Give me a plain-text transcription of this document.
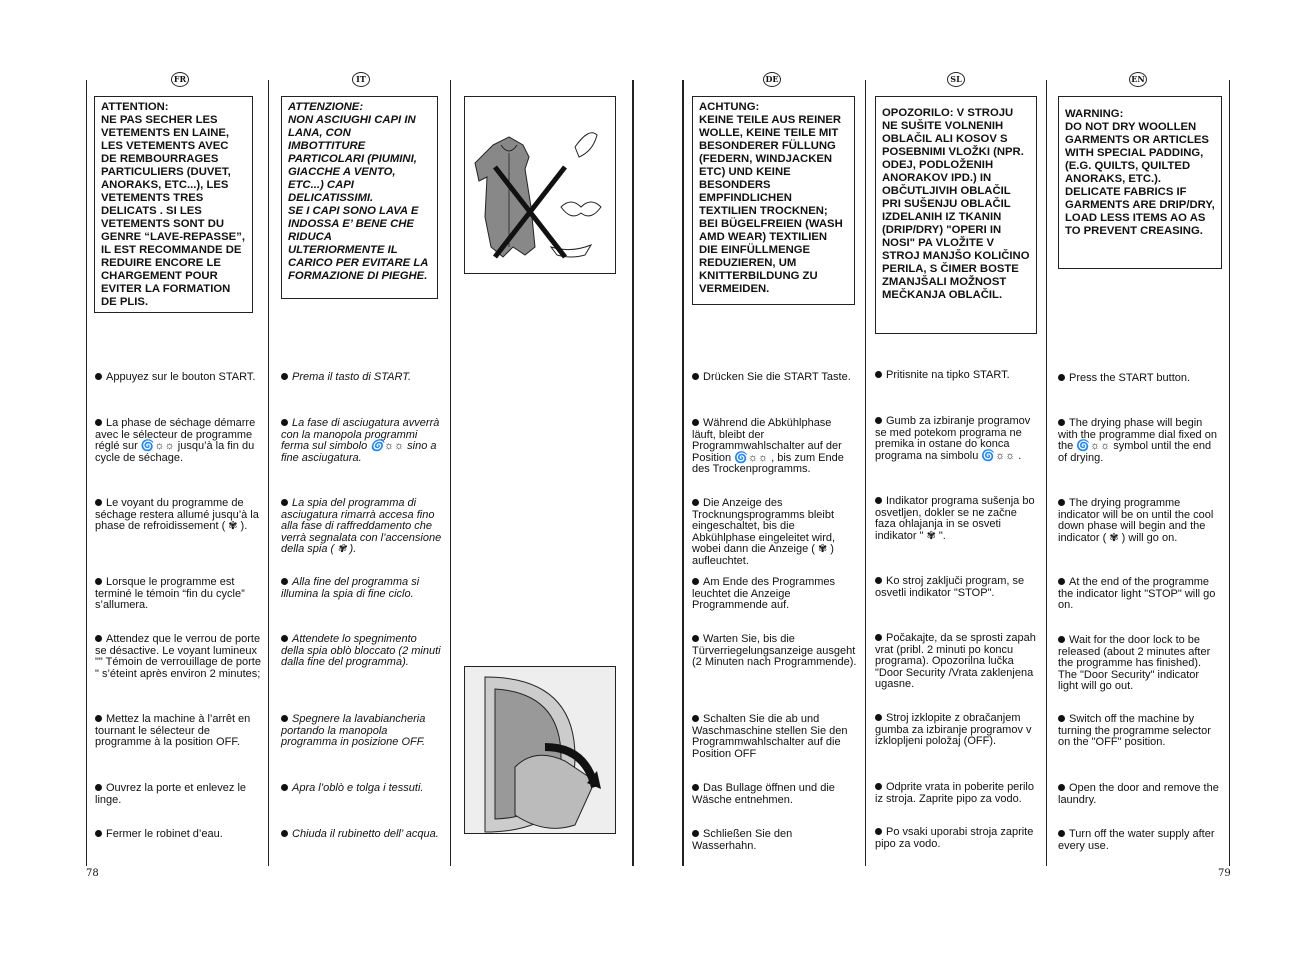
FR	IT	DE	SL	EN
ATTENTION:
NE PAS SECHER LES VETEMENTS EN LAINE, LES VETEMENTS AVEC DE REMBOURRAGES PARTICULIERS (DUVET, ANORAKS, ETC...), LES VETEMENTS TRES DELICATS . SI LES VETEMENTS SONT DU GENRE “LAVE-REPASSE”, IL EST RECOMMANDE DE REDUIRE ENCORE LE CHARGEMENT POUR EVITER LA FORMATION DE PLIS.
ATTENZIONE:
NON ASCIUGHI CAPI IN LANA, CON IMBOTTITURE PARTICOLARI (PIUMINI, GIACCHE A VENTO, ETC...) CAPI DELICATISSIMI.
SE I CAPI SONO LAVA E INDOSSA E’ BENE CHE RIDUCA ULTERIORMENTE IL CARICO PER EVITARE LA FORMAZIONE DI PIEGHE.
ACHTUNG:
KEINE TEILE AUS REINER WOLLE, KEINE TEILE MIT BESONDERER FÜLLUNG (FEDERN, WINDJACKEN ETC) UND KEINE BESONDERS EMPFINDLICHEN TEXTILIEN TROCKNEN; BEI BÜGELFREIEN (WASH AMD WEAR) TEXTILIEN DIE EINFÜLLMENGE REDUZIEREN, UM KNITTERBILDUNG ZU VERMEIDEN.
OPOZORILO: V STROJU NE SUŠITE VOLNENIH OBLAČIL ALI KOSOV S POSEBNIMI VLOŽKI (NPR. ODEJ, PODLOŽENIH ANORAKOV IPD.) IN OBČUTLJIVIH OBLAČIL PRI SUŠENJU OBLAČIL IZDELANIH IZ TKANIN (DRIP/DRY) "OPERI IN NOSI" PA VLOŽITE V STROJ MANJŠO KOLIČINO PERILA, S ČIMER BOSTE ZMANJŠALI MOŽNOST MEČKANJA OBLAČIL.
WARNING:
DO NOT DRY WOOLLEN GARMENTS OR ARTICLES WITH SPECIAL PADDING, (E.G. QUILTS, QUILTED ANORAKS, ETC.). DELICATE FABRICS IF GARMENTS ARE DRIP/DRY, LOAD LESS ITEMS AO AS TO PREVENT CREASING.
Appuyez sur le bouton START.
La phase de séchage démarre avec le sélecteur de programme réglé sur 🌀☼☼ jusqu’à la fin du cycle de séchage.
Le voyant du programme de séchage restera allumé jusqu’à la phase de refroidissement ( ✾ ).
Lorsque le programme est terminé le témoin “fin du cycle” s’allumera.
Attendez que le verrou de porte se désactive. Le voyant lumineux "" Témoin de verrouillage de porte " s’éteint après environ 2 minutes;
Mettez la machine à l’arrêt en tournant le sélecteur de programme à la position OFF.
Ouvrez la porte et enlevez le linge.
Fermer le robinet d’eau.
Prema il tasto di START.
La fase di asciugatura avverrà con la manopola programmi ferma sul simbolo 🌀☼☼ sino a fine asciugatura.
La spia del programma di asciugatura rimarrà accesa fino alla fase di raffreddamento che verrà segnalata con l’accensione della spia ( ✾ ).
Alla fine del programma si illumina la spia di fine ciclo.
Attendete lo spegnimento della spia oblò bloccato (2 minuti dalla fine del programma).
Spegnere la lavabiancheria portando la manopola programma in posizione OFF.
Apra l’oblò e tolga i tessuti.
Chiuda il rubinetto dell’ acqua.
Drücken Sie die START Taste.
Während die Abkühlphase läuft, bleibt der Programmwahlschalter auf der Position 🌀☼☼ , bis zum Ende des Trockenprogramms.
Die Anzeige des Trocknungsprogramms bleibt eingeschaltet, bis die Abkühlphase eingeleitet wird, wobei dann die Anzeige ( ✾ ) aufleuchtet.
Am Ende des Programmes leuchtet die Anzeige Programmende auf.
Warten Sie, bis die Türverriegelungsanzeige ausgeht (2 Minuten nach Programmende).
Schalten Sie die ab und Waschmaschine stellen Sie den Programmwahlschalter auf die Position OFF
Das Bullage öffnen und die Wäsche entnehmen.
Schließen Sie den Wasserhahn.
Pritisnite na tipko START.
Gumb za izbiranje programov se med potekom programa ne premika in ostane do konca programa na simbolu 🌀☼☼ .
Indikator programa sušenja bo osvetljen, dokler se ne začne faza ohlajanja in se osveti indikator " ✾ ".
Ko stroj zaključi program, se osvetli indikator "STOP".
Počakajte, da se sprosti zapah vrat (pribl. 2 minuti po koncu programa). Opozorilna lučka "Door Security /Vrata zaklenjena ugasne.
Stroj izklopite z obračanjem gumba za izbiranje programov v izklopljeni položaj (OFF).
Odprite vrata in poberite perilo iz stroja. Zaprite pipo za vodo.
Po vsaki uporabi stroja zaprite pipo za vodo.
Press the START button.
The drying phase will begin with the programme dial fixed on the 🌀☼☼ symbol until the end of drying.
The drying programme indicator will be on until the cool down phase will begin and the indicator ( ✾ ) will go on.
At the end of the programme the indicator light "STOP" will go on.
Wait for the door lock to be released (about 2 minutes after the programme has finished). The "Door Security" indicator light will go out.
Switch off the machine by turning the programme selector on the "OFF" position.
Open the door and remove the laundry.
Turn off the water supply after every use.
78	79
